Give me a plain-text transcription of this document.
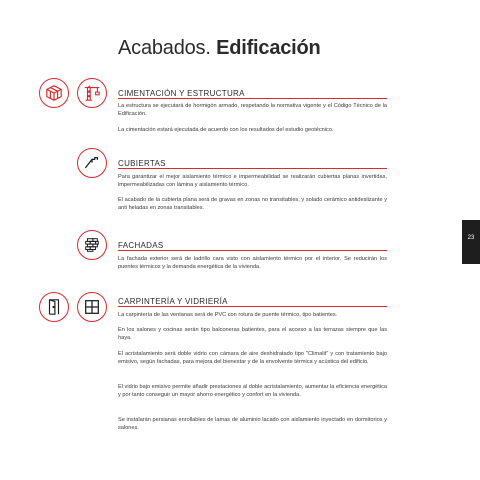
Acabados. Edificación
CIMENTACIÓN Y ESTRUCTURA
La estructura se ejecutará de hormigón armado, respetando la normativa vigente y el Código Técnico de la Edificación.
La cimentación estará ejecutada de acuerdo con los resultados del estudio geotécnico.
CUBIERTAS
Para garantizar el mejor aislamiento térmico e impermeabilidad se realizarán cubiertas planas invertidas, impermeabilizadas con lámina y aislamiento térmico.
El acabado de la cubierta plana será de gravas en zonas no transitables, y solado cerámico antideslizante y anti heladas en zonas transitables.
FACHADAS
La fachada exterior será de ladrillo cara visto con aislamiento térmico por el interior. Se reducirán los puentes térmicos y la demanda energética de la vivienda.
CARPINTERÍA Y VIDRIERÍA
La carpintería de las ventanas será de PVC con rotura de puente térmico, tipo batientes.
En los salones y cocinas serán tipo balconeras batientes, para el acceso a las terrazas siempre que las haya.
El acristalamiento será doble vidrio con cámara de aire deshidratado tipo "Climalit" y con tratamiento bajo emisivo, según fachadas, para mejora del bienestar y de la envolvente térmica y acústica del edificio.
El vidrio bajo emisivo permite añadir prestaciones al doble acristalamiento, aumentar la eficiencia energética y por tanto conseguir un mayor ahorro energético y confort en la vivienda.
Se instalarán persianas enrollables de lamas de aluminio lacado con aislamiento inyectado en dormitorios y salones.
23
